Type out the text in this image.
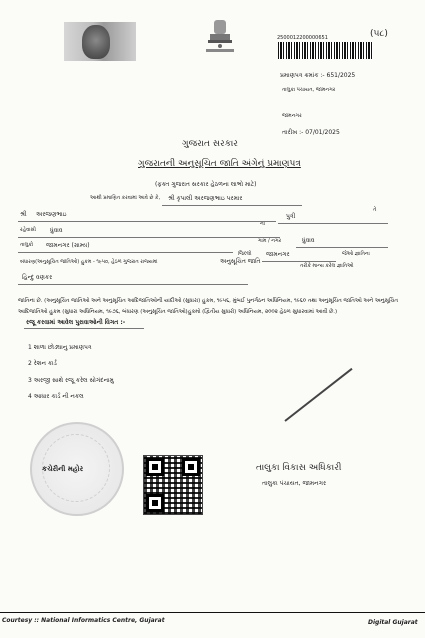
2500012200000651	(૫૮)
પ્રમાણપત્ર ક્રમાંક :- 651/2025
તાલુકા પંચાયત, જામનગર
જામનગર
તારીખ :- 07/01/2025
ગુજરાત સરકાર
ગુજરાતની અનુસૂચિત જાતિ અંગેનું પ્રમાણપત્ર
(ફક્ત ગુજરાત સરકાર હેઠળના લાભો માટે)
આથી પ્રમાણિત કરવામાં આવે છે કે, શ્રી કૃપાલી અરજણભાઇ પરમાર
તે
શ્રી અરજણભાઇ
ના
પુત્રી
રહેવાસી ધુંવાવ
ગામ / નગર	ધુંવાવ
તાલુકો જામનગર (ગ્રામ્ય)
જિલ્લો જામનગર	જેઓ જ્ઞાતિના
બંધારણ(અનુસૂચિત જાતિઓ) હુકમ - ૧૯૫૦, હેઠળ ગુજરાત રાજ્યમાં	અનુસૂચિત જાતિ
તરીકે માન્ય કરેલ જ્ઞાતિઓ
હિન્દુ વણકર
જાતિના છે. (અનુસૂચિત જાતિઓ અને અનુસૂચિત આદિજાતિઓની યાદીઓ (સુધારા) હુકમ, ૧૯૫૬, મુંબઈ પુનર્ગઠન અધિનિયમ, ૧૯૬૦ તથા અનુસૂચિત જાતિઓ અને અનુસૂચિત આદિજાતિઓ હુકમ (સુધારા અધિનિયમ, ૧૯૭૬, બંધારણ (અનુસૂચિત જાતિઓ)હુકમો (દ્વિતીય સુધારો) અધિનિયમ, ૨૦૦૨ હેઠળ સુધારવામાં આવી છે.)
રજૂ કરવામાં આવેલ પુરાવાઓની વિગત :-
1 શાળા છોડ્યાનુ પ્રમાણપત્ર
2 રેશન કાર્ડ
3 અરજી સાથે રજૂ કરેલ સોગંદનામુ
4 આધાર કાર્ડ ની નકલ
કચેરીની મહોર	તાલુકા વિકાસ અધિકારી
તાલુકા પંચાયત, જામનગર
Courtesy :: National Informatics Centre, Gujarat	Digital Gujarat
